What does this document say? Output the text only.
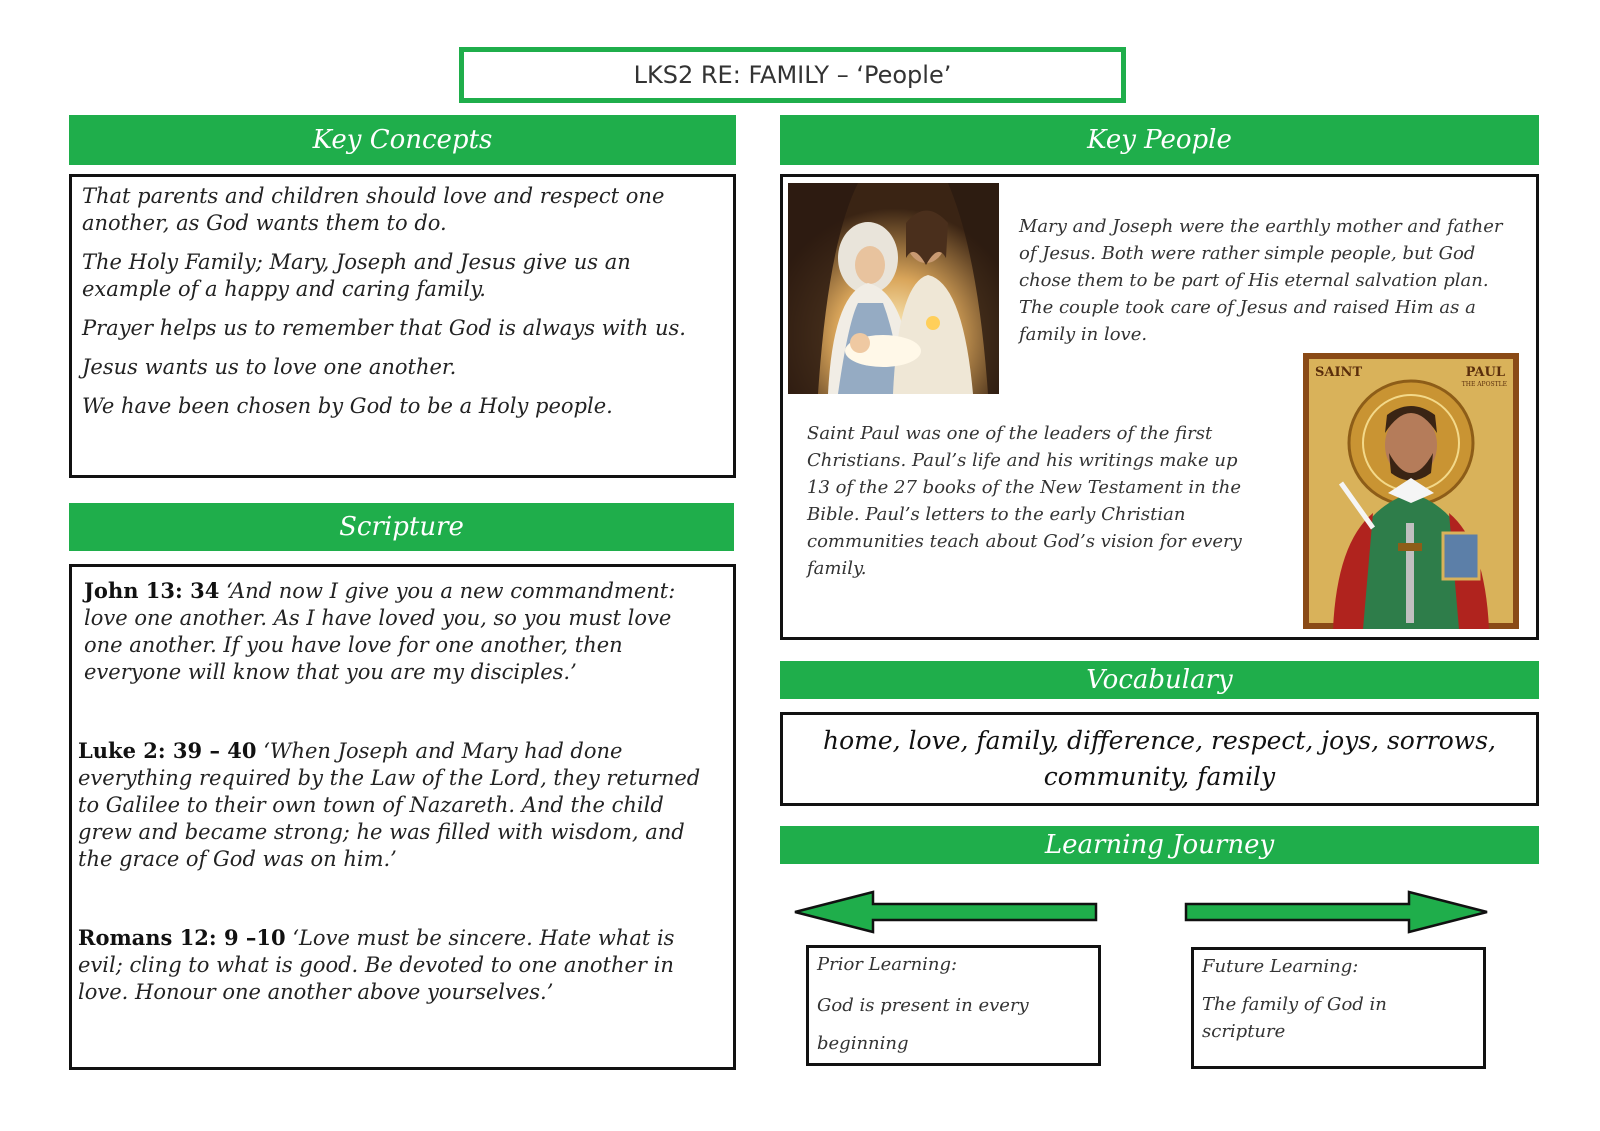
LKS2 RE: FAMILY – ‘People’
Key Concepts

That parents and children should love and respect one another, as God wants them to do.

The Holy Family; Mary, Joseph and Jesus give us an example of a happy and caring family.

Prayer helps us to remember that God is always with us.

Jesus wants us to love one another.

We have been chosen by God to be a Holy people.

Scripture

John 13: 34 ‘And now I give you a new commandment: love one another. As I have loved you, so you must love one another. If you have love for one another, then everyone will know that you are my disciples.’

Luke 2: 39 – 40 ‘When Joseph and Mary had done everything required by the Law of the Lord, they returned to Galilee to their own town of Nazareth. And the child grew and became strong; he was filled with wisdom, and the grace of God was on him.’

Romans 12: 9 –10 ‘Love must be sincere. Hate what is evil; cling to what is good. Be devoted to one another in love. Honour one another above yourselves.’

Key People
Mary and Joseph were the earthly mother and father of Jesus. Both were rather simple people, but God chose them to be part of His eternal salvation plan. The couple took care of Jesus and raised Him as a family in love.
Saint Paul was one of the leaders of the first Christians. Paul’s life and his writings make up 13 of the 27 books of the New Testament in the Bible. Paul’s letters to the early Christian communities teach about God’s vision for every family.
SAINT	PAUL
THE APOSTLE
Vocabulary
home, love, family, difference, respect, joys, sorrows, community, family
Learning Journey

Prior Learning:

God is present in every beginning

Future Learning:

The family of God in scripture
